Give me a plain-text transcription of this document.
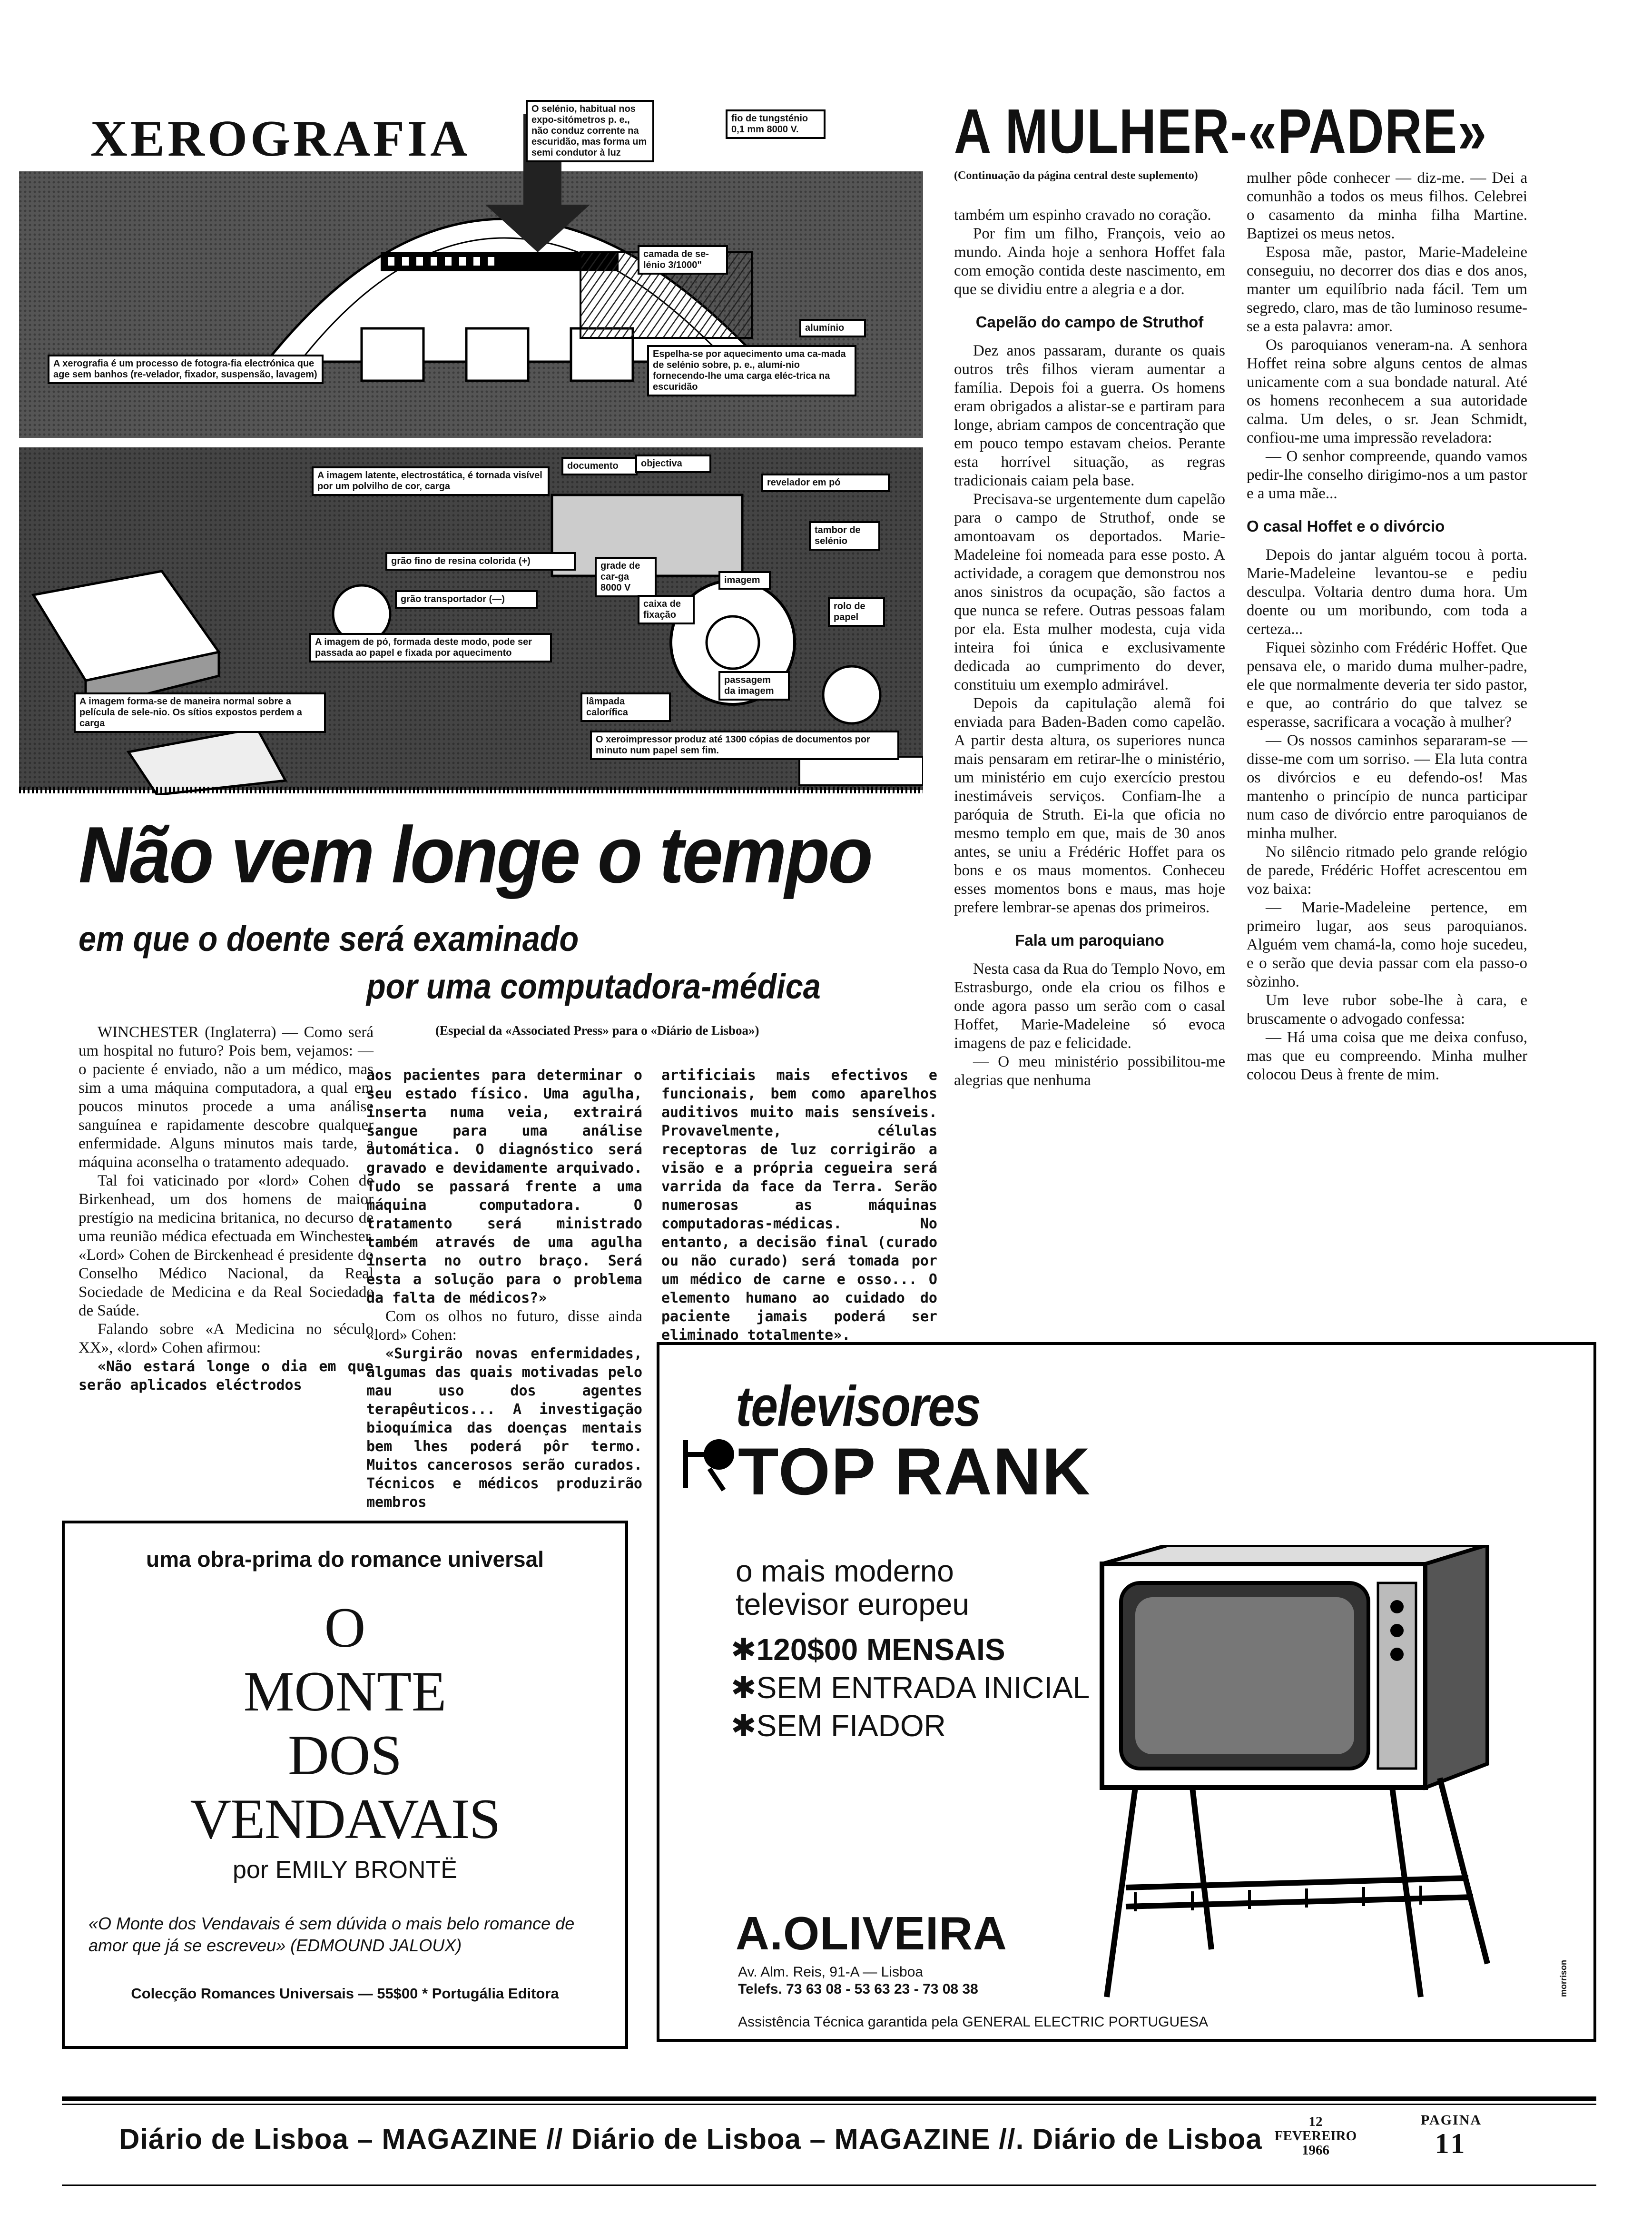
XEROGRAFIA
O selénio, habitual nos expo-sitómetros p. e., não conduz corrente na escuridão, mas forma um semi condutor à luz
fio de tungsténio 0,1 mm 8000 V.
camada de se-lénio 3/1000"
alumínio
Espelha-se por aquecimento uma ca-mada de selénio sobre, p. e., alumí-nio fornecendo-lhe uma carga eléc-trica na escuridão
A xerografia é um processo de fotogra-fia electrónica que age sem banhos (re-velador, fixador, suspensão, lavagem)
A imagem latente, electrostática, é tornada visível por um polvilho de cor, carga
documento	objectiva
revelador em pó
grão fino de resina colorida (+)
grão transportador (—)
grade de car-ga 8000 V
caixa de fixação
imagem
tambor de selénio
rolo de papel
A imagem de pó, formada deste modo, pode ser passada ao papel e fixada por aquecimento
lâmpada calorífica
passagem da imagem
A imagem forma-se de maneira normal sobre a película de sele-nio. Os sítios expostos perdem a carga
O xeroimpressor produz até 1300 cópias de documentos por minuto num papel sem fim.
Não vem longe o tempo
em que o doente será examinado
por uma computadora-médica
(Especial da «Associated Press» para o «Diário de Lisboa»)

WINCHESTER (Inglaterra) — Como será um hospital no futuro? Pois bem, vejamos: — o paciente é enviado, não a um médico, mas sim a uma máquina computadora, a qual em poucos minutos procede a uma análise sanguínea e rapidamente descobre qualquer enfermidade. Alguns minutos mais tarde, a máquina aconselha o tratamento adequado.

Tal foi vaticinado por «lord» Cohen de Birkenhead, um dos homens de maior prestígio na medicina britanica, no decurso de uma reunião médica efectuada em Winchester. «Lord» Cohen de Birckenhead é presidente do Conselho Médico Nacional, da Real Sociedade de Medicina e da Real Sociedade de Saúde.

Falando sobre «A Medicina no século XX», «lord» Cohen afirmou:

«Não estará longe o dia em que serão aplicados eléctrodos

aos pacientes para determinar o seu estado físico. Uma agulha, inserta numa veia, extrairá sangue para uma análise automática. O diagnóstico será gravado e devidamente arquivado. Tudo se passará frente a uma máquina computadora. O tratamento será ministrado também através de uma agulha inserta no outro braço. Será esta a solução para o problema da falta de médicos?»

Com os olhos no futuro, disse ainda «lord» Cohen:

«Surgirão novas enfermidades, algumas das quais motivadas pelo mau uso dos agentes terapêuticos... A investigação bioquímica das doenças mentais bem lhes poderá pôr termo. Muitos cancerosos serão curados. Técnicos e médicos produzirão membros

artificiais mais efectivos e funcionais, bem como aparelhos auditivos muito mais sensíveis. Provavelmente, células receptoras de luz corrigirão a visão e a própria cegueira será varrida da face da Terra. Serão numerosas as máquinas computadoras-médicas. No entanto, a decisão final (curado ou não curado) será tomada por um médico de carne e osso... O elemento humano ao cuidado do paciente jamais poderá ser eliminado totalmente».

A MULHER-«PADRE»

(Continuação da página central deste suplemento)

também um espinho cravado no coração.

Por fim um filho, François, veio ao mundo. Ainda hoje a senhora Hoffet fala com emoção contida deste nascimento, em que se dividiu entre a alegria e a dor.

Capelão do campo de Struthof

Dez anos passaram, durante os quais outros três filhos vieram aumentar a família. Depois foi a guerra. Os homens eram obrigados a alistar-se e partiram para longe, abriam campos de concentração que em pouco tempo estavam cheios. Perante esta horrível situação, as regras tradicionais caiam pela base.

Precisava-se urgentemente dum capelão para o campo de Struthof, onde se amontoavam os deportados. Marie-Madeleine foi nomeada para esse posto. A actividade, a coragem que demonstrou nos anos sinistros da ocupação, são factos a que nunca se refere. Outras pessoas falam por ela. Esta mulher modesta, cuja vida inteira foi única e exclusivamente dedicada ao cumprimento do dever, constituiu um exemplo admirável.

Depois da capitulação alemã foi enviada para Baden-Baden como capelão. A partir desta altura, os superiores nunca mais pensaram em retirar-lhe o ministério, um ministério em cujo exercício prestou inestimáveis serviços. Confiam-lhe a paróquia de Struth. Ei-la que oficia no mesmo templo em que, mais de 30 anos antes, se uniu a Frédéric Hoffet para os bons e os maus momentos. Conheceu esses momentos bons e maus, mas hoje prefere lembrar-se apenas dos primeiros.

Fala um paroquiano

Nesta casa da Rua do Templo Novo, em Estrasburgo, onde ela criou os filhos e onde agora passo um serão com o casal Hoffet, Marie-Madeleine só evoca imagens de paz e felicidade.

— O meu ministério possibilitou-me alegrias que nenhuma

mulher pôde conhecer — diz-me. — Dei a comunhão a todos os meus filhos. Celebrei o casamento da minha filha Martine. Baptizei os meus netos.

Esposa mãe, pastor, Marie-Madeleine conseguiu, no decorrer dos dias e dos anos, manter um equilíbrio nada fácil. Tem um segredo, claro, mas de tão luminoso resume-se a esta palavra: amor.

Os paroquianos veneram-na. A senhora Hoffet reina sobre alguns centos de almas unicamente com a sua bondade natural. Até os homens reconhecem a sua autoridade calma. Um deles, o sr. Jean Schmidt, confiou-me uma impressão reveladora:

— O senhor compreende, quando vamos pedir-lhe conselho dirigimo-nos a um pastor e a uma mãe...

O casal Hoffet e o divórcio

Depois do jantar alguém tocou à porta. Marie-Madeleine levantou-se e pediu desculpa. Voltaria dentro duma hora. Um doente ou um moribundo, com toda a certeza...

Fiquei sòzinho com Frédéric Hoffet. Que pensava ele, o marido duma mulher-padre, ele que normalmente deveria ter sido pastor, e que, ao contrário do que talvez se esperasse, sacrificara a vocação à mulher?

— Os nossos caminhos separaram-se — disse-me com um sorriso. — Ela luta contra os divórcios e eu defendo-os! Mas mantenho o princípio de nunca participar num caso de divórcio entre paroquianos de minha mulher.

No silêncio ritmado pelo grande relógio de parede, Frédéric Hoffet acrescentou em voz baixa:

— Marie-Madeleine pertence, em primeiro lugar, aos seus paroquianos. Alguém vem chamá-la, como hoje sucedeu, e o serão que devia passar com ela passo-o sòzinho.

Um leve rubor sobe-lhe à cara, e bruscamente o advogado confessa:

— Há uma coisa que me deixa confuso, mas que eu compreendo. Minha mulher colocou Deus à frente de mim.

uma obra-prima do romance universal
O
MONTE
DOS
VENDAVAIS
por EMILY BRONTË
«O Monte dos Vendavais é sem dúvida o mais belo romance de amor que já se escreveu» (EDMOUND JALOUX)
Colecção Romances Universais — 55$00 * Portugália Editora
televisores
TOP RANK
o mais moderno
televisor europeu
✱120$00 MENSAIS
✱SEM ENTRADA INICIAL
✱SEM FIADOR
A.OLIVEIRA
Av. Alm. Reis, 91-A — Lisboa
Telefs. 73 63 08 - 53 63 23 - 73 08 38
Assistência Técnica garantida pela GENERAL ELECTRIC PORTUGUESA
morrison
Diário de Lisboa – MAGAZINE // Diário de Lisboa – MAGAZINE //. Diário de Lisboa
12
FEVEREIRO
1966
PAGINA
11
